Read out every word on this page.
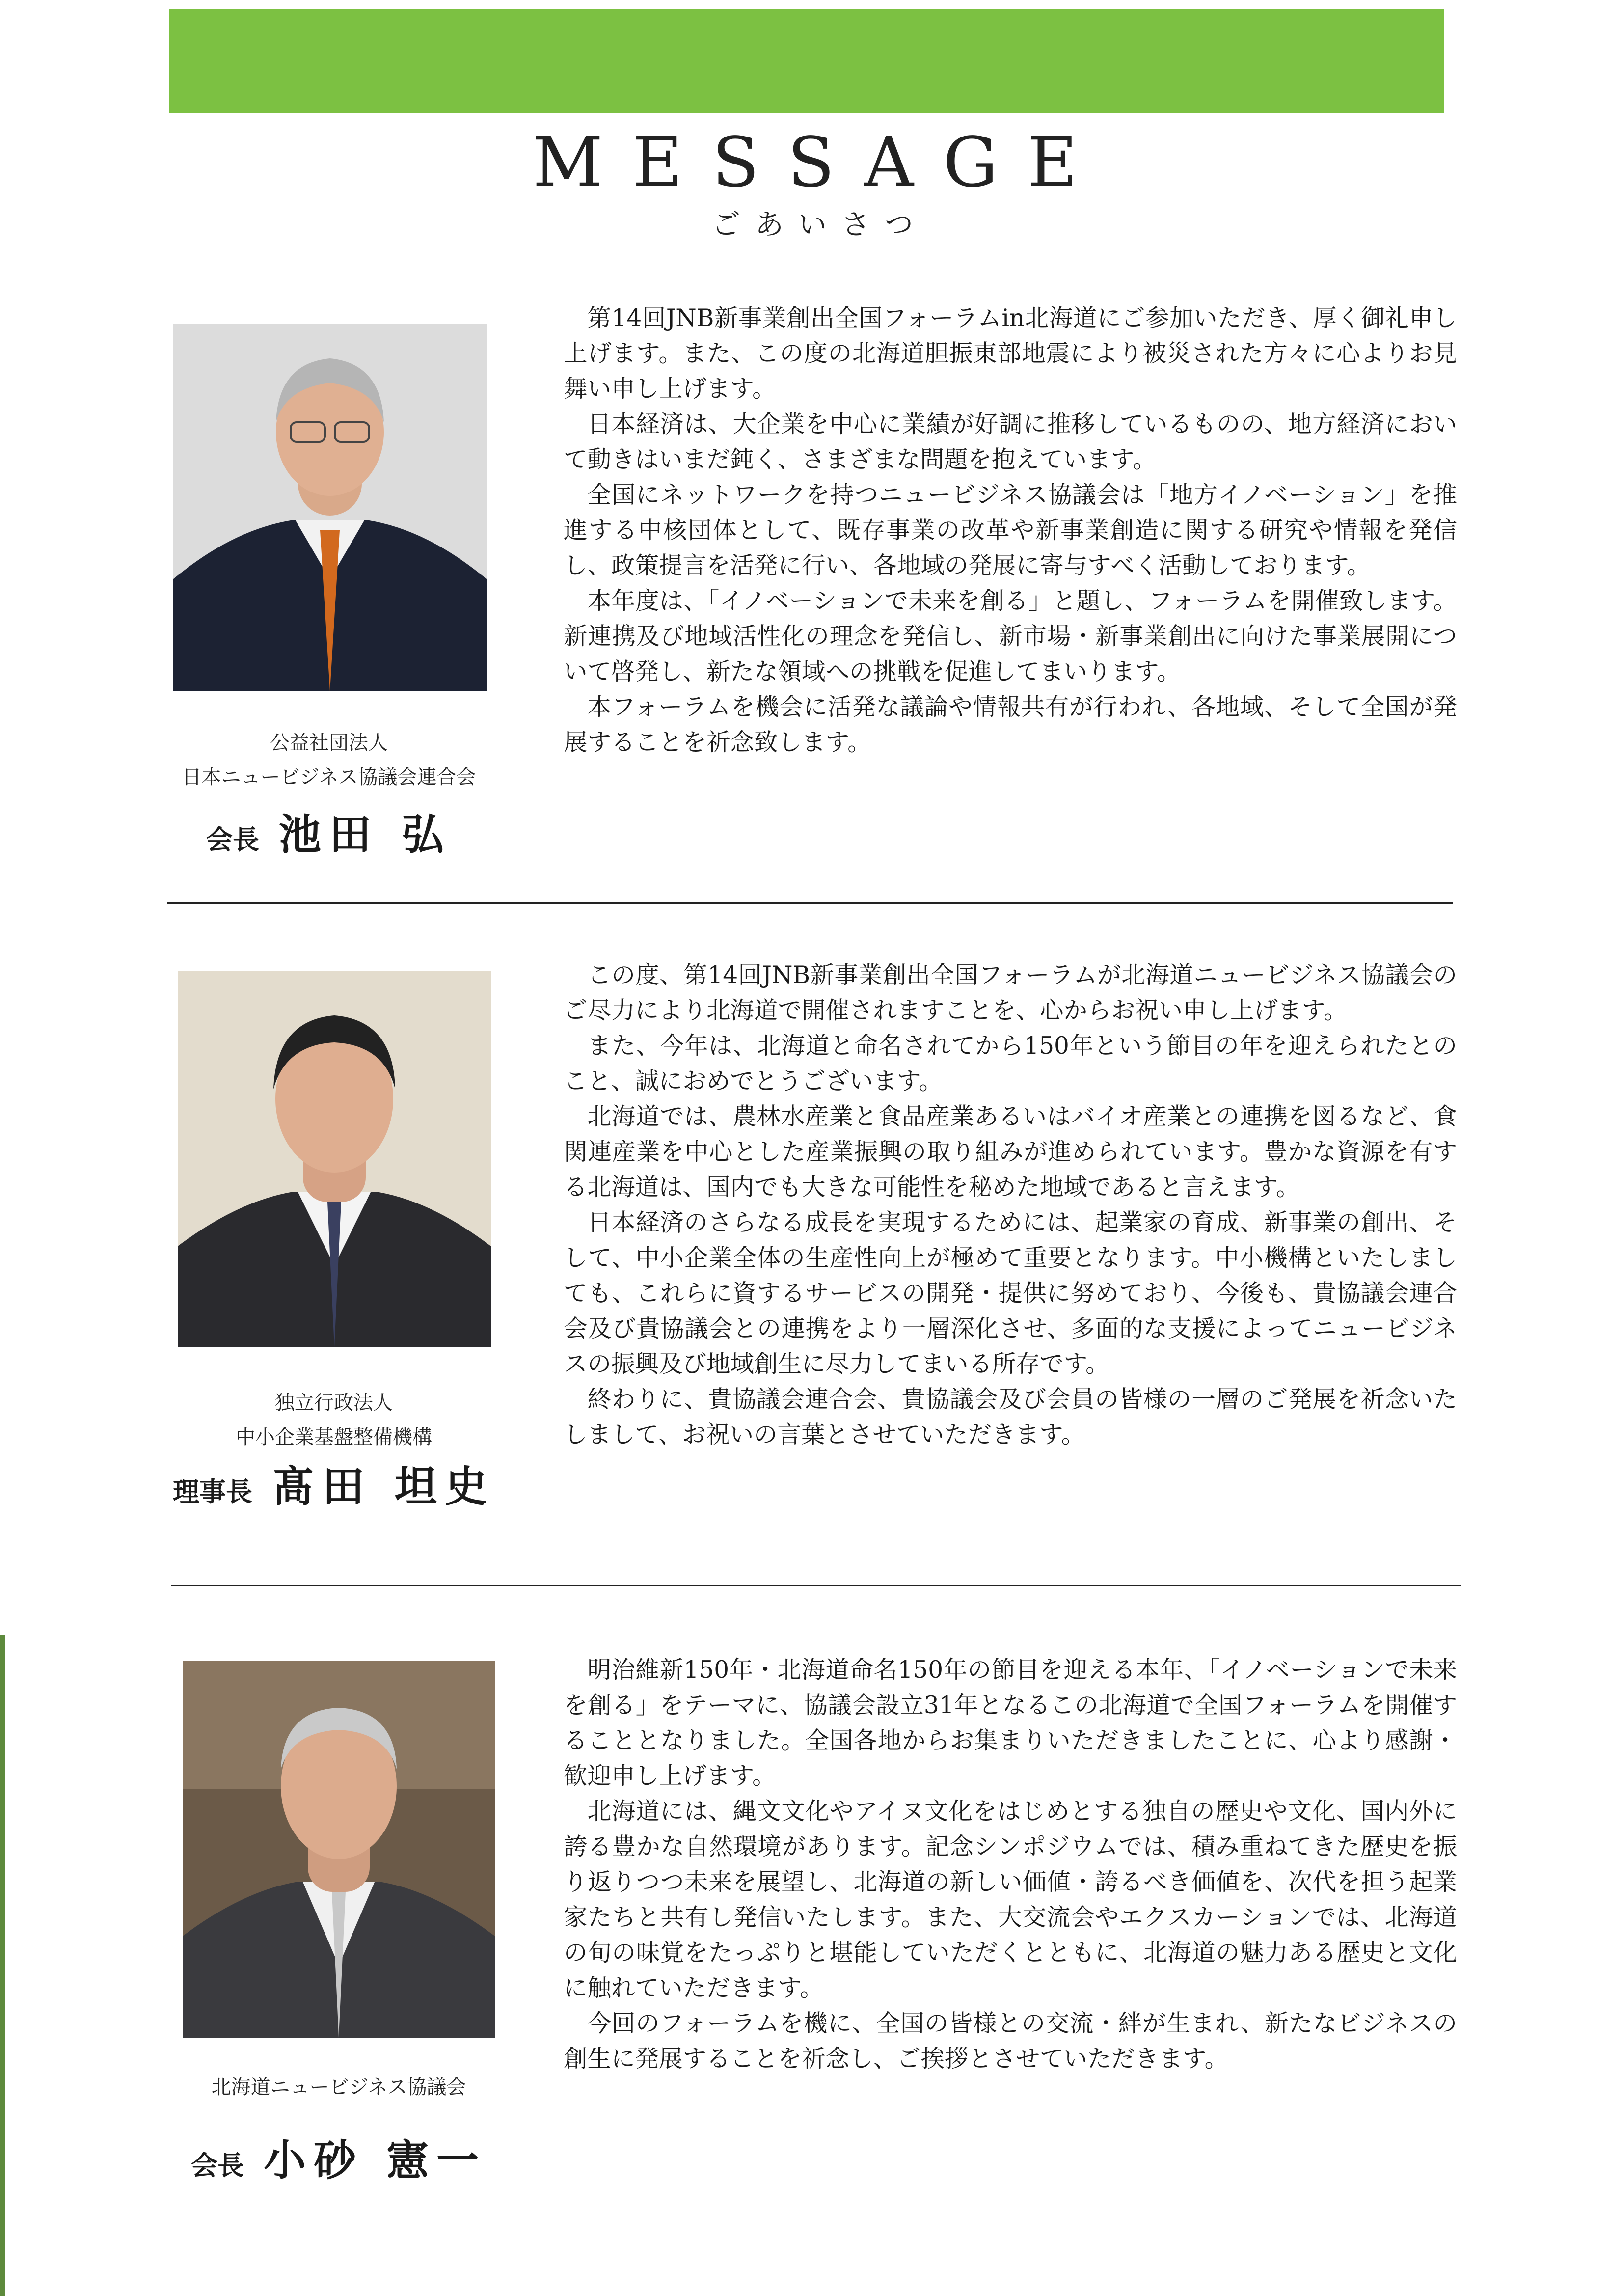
MESSAGE
ごあいさつ
公益社団法人
日本ニュービジネス協議会連合会
会長 池田 弘

第14回JNB新事業創出全国フォーラムin北海道にご参加いただき、厚く御礼申し上げます。また、この度の北海道胆振東部地震により被災された方々に心よりお見舞い申し上げます。

日本経済は、大企業を中心に業績が好調に推移しているものの、地方経済において動きはいまだ鈍く、さまざまな問題を抱えています。

全国にネットワークを持つニュービジネス協議会は「地方イノベーション」を推進する中核団体として、既存事業の改革や新事業創造に関する研究や情報を発信し、政策提言を活発に行い、各地域の発展に寄与すべく活動しております。

本年度は、「イノベーションで未来を創る」と題し、フォーラムを開催致します。新連携及び地域活性化の理念を発信し、新市場・新事業創出に向けた事業展開について啓発し、新たな領域への挑戦を促進してまいります。

本フォーラムを機会に活発な議論や情報共有が行われ、各地域、そして全国が発展することを祈念致します。

独立行政法人
中小企業基盤整備機構
理事長 髙田 坦史

この度、第14回JNB新事業創出全国フォーラムが北海道ニュービジネス協議会のご尽力により北海道で開催されますことを、心からお祝い申し上げます。

また、今年は、北海道と命名されてから150年という節目の年を迎えられたとのこと、誠におめでとうございます。

北海道では、農林水産業と食品産業あるいはバイオ産業との連携を図るなど、食関連産業を中心とした産業振興の取り組みが進められています。豊かな資源を有する北海道は、国内でも大きな可能性を秘めた地域であると言えます。

日本経済のさらなる成長を実現するためには、起業家の育成、新事業の創出、そして、中小企業全体の生産性向上が極めて重要となります。中小機構といたしましても、これらに資するサービスの開発・提供に努めており、今後も、貴協議会連合会及び貴協議会との連携をより一層深化させ、多面的な支援によってニュービジネスの振興及び地域創生に尽力してまいる所存です。

終わりに、貴協議会連合会、貴協議会及び会員の皆様の一層のご発展を祈念いたしまして、お祝いの言葉とさせていただきます。

北海道ニュービジネス協議会
会長 小砂 憲一

明治維新150年・北海道命名150年の節目を迎える本年、「イノベーションで未来を創る」をテーマに、協議会設立31年となるこの北海道で全国フォーラムを開催することとなりました。全国各地からお集まりいただきましたことに、心より感謝・歓迎申し上げます。

北海道には、縄文文化やアイヌ文化をはじめとする独自の歴史や文化、国内外に誇る豊かな自然環境があります。記念シンポジウムでは、積み重ねてきた歴史を振り返りつつ未来を展望し、北海道の新しい価値・誇るべき価値を、次代を担う起業家たちと共有し発信いたします。また、大交流会やエクスカーションでは、北海道の旬の味覚をたっぷりと堪能していただくとともに、北海道の魅力ある歴史と文化に触れていただきます。

今回のフォーラムを機に、全国の皆様との交流・絆が生まれ、新たなビジネスの創生に発展することを祈念し、ご挨拶とさせていただきます。
